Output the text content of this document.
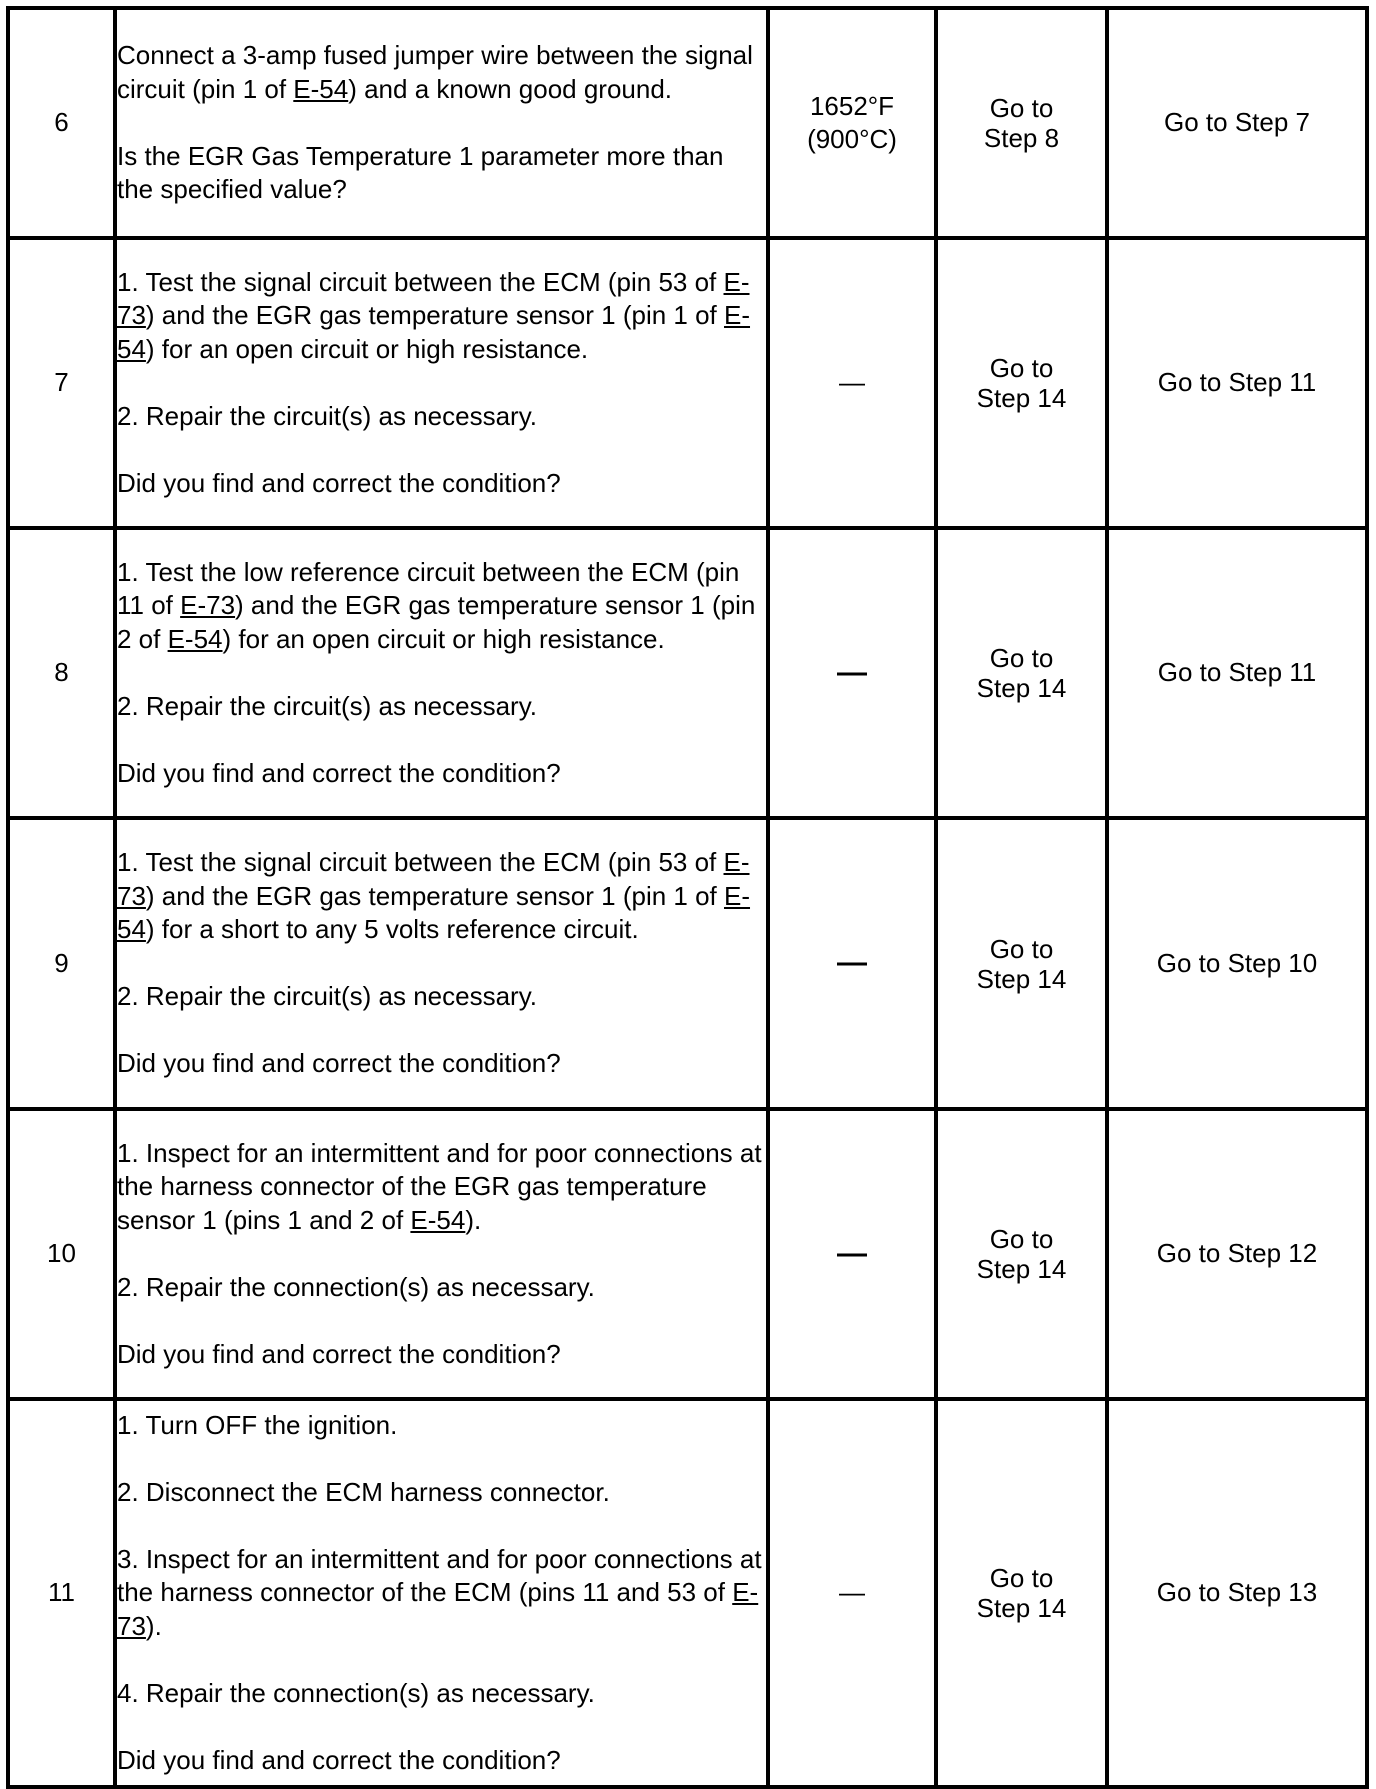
6	Connect a 3-amp fused jumper wire between the signal circuit (pin 1 of E-54) and a known good ground.
Is the EGR Gas Temperature 1 parameter more than the specified value?	1652°F (900°C)	Go to Step 8	Go to Step 7
7	1. Test the signal circuit between the ECM (pin 53 of E-73) and the EGR gas temperature sensor 1 (pin 1 of E-54) for an open circuit or high resistance.
2. Repair the circuit(s) as necessary.
Did you find and correct the condition?	—	Go to Step 14	Go to Step 11
8	1. Test the low reference circuit between the ECM (pin 11 of E-73) and the EGR gas temperature sensor 1 (pin 2 of E-54) for an open circuit or high resistance.
2. Repair the circuit(s) as necessary.
Did you find and correct the condition?	—	Go to Step 14	Go to Step 11
9	1. Test the signal circuit between the ECM (pin 53 of E-73) and the EGR gas temperature sensor 1 (pin 1 of E-54) for a short to any 5 volts reference circuit.
2. Repair the circuit(s) as necessary.
Did you find and correct the condition?	—	Go to Step 14	Go to Step 10
10	1. Inspect for an intermittent and for poor connections at the harness connector of the EGR gas temperature sensor 1 (pins 1 and 2 of E-54).
2. Repair the connection(s) as necessary.
Did you find and correct the condition?	—	Go to Step 14	Go to Step 12
11	1. Turn OFF the ignition.
2. Disconnect the ECM harness connector.
3. Inspect for an intermittent and for poor connections at the harness connector of the ECM (pins 11 and 53 of E-73).
4. Repair the connection(s) as necessary.
Did you find and correct the condition?	—	Go to Step 14	Go to Step 13
